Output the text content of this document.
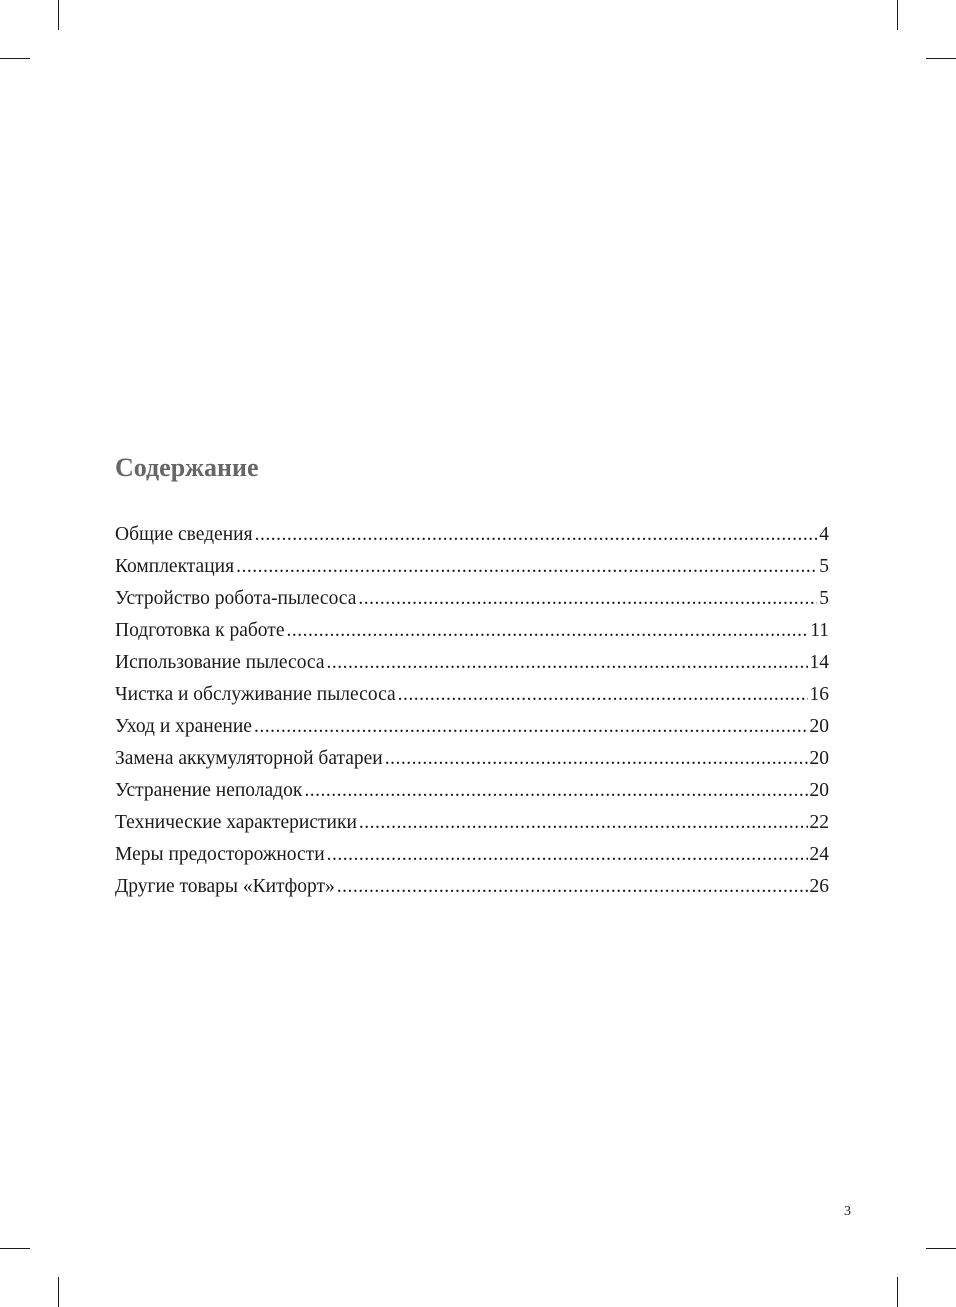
Содержание
Общие сведения .....	4
Комплектация .....	5
Устройство робота-пылесоса .....	5
Подготовка к работе .....	11
Использование пылесоса .....	14
Чистка и обслуживание пылесоса .....	16
Уход и хранение .....	20
Замена аккумуляторной батареи .....	20
Устранение неполадок .....	20
Технические характеристики .....	22
Меры предосторожности .....	24
Другие товары «Китфорт» .....	26
3
